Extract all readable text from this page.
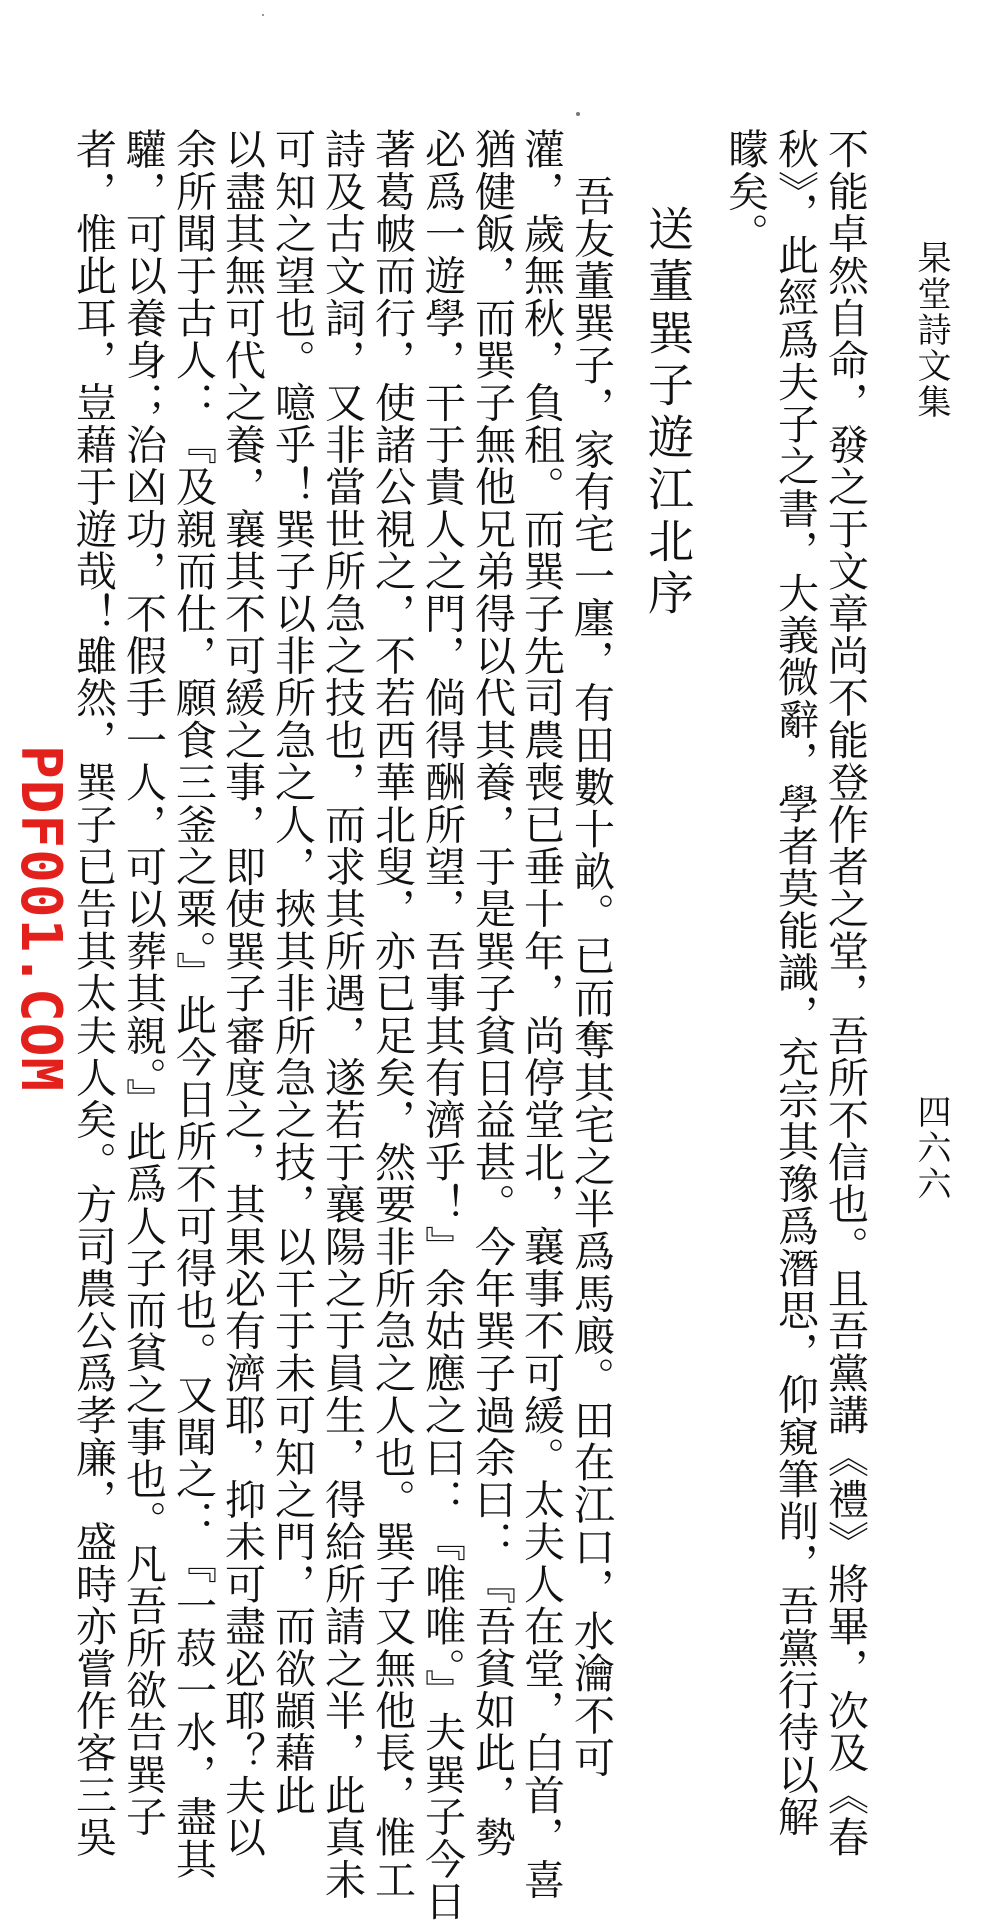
杲堂詩文集
四六六
不能卓然自命，發之于文章尚不能登作者之堂，吾所不信也。且吾黨講《禮》將畢，次及《春
秋》，此經爲夫子之書，大義微辭，學者莫能識，充宗其豫爲潛思，仰窺筆削，吾黨行待以解
矇矣。
送董巽子遊江北序
吾友董巽子，家有宅一廛，有田數十畝。已而奪其宅之半爲馬廄。田在江口，水瀹不可
灌，歲無秋，負租。而巽子先司農喪已垂十年，尚停堂北，襄事不可緩。太夫人在堂，白首，喜
猶健飯，而巽子無他兄弟得以代其養，于是巽子貧日益甚。今年巽子過余曰：『吾貧如此，勢
必爲一遊學，干于貴人之門，倘得酬所望，吾事其有濟乎！』余姑應之曰：『唯唯。』夫巽子今日
著葛帔而行，使諸公視之，不若西華北叟，亦已足矣，然要非所急之人也。巽子又無他長，惟工
詩及古文詞，又非當世所急之技也，而求其所遇，遂若于襄陽之于員生，得給所請之半，此真未
可知之望也。噫乎！巽子以非所急之人，挾其非所急之技，以干于未可知之門，而欲顓藉此
以盡其無可代之養，襄其不可緩之事，即使巽子審度之，其果必有濟耶，抑未可盡必耶？夫以
余所聞于古人：『及親而仕，願食三釜之粟。』此今日所不可得也。又聞之：『一菽一水，盡其
驩，可以養身；治凶功，不假手一人，可以葬其親。』此爲人子而貧之事也。凡吾所欲告巽子
者，惟此耳，豈藉于遊哉！雖然，巽子已告其太夫人矣。方司農公爲孝廉，盛時亦嘗作客三吳
PDF001.COM
